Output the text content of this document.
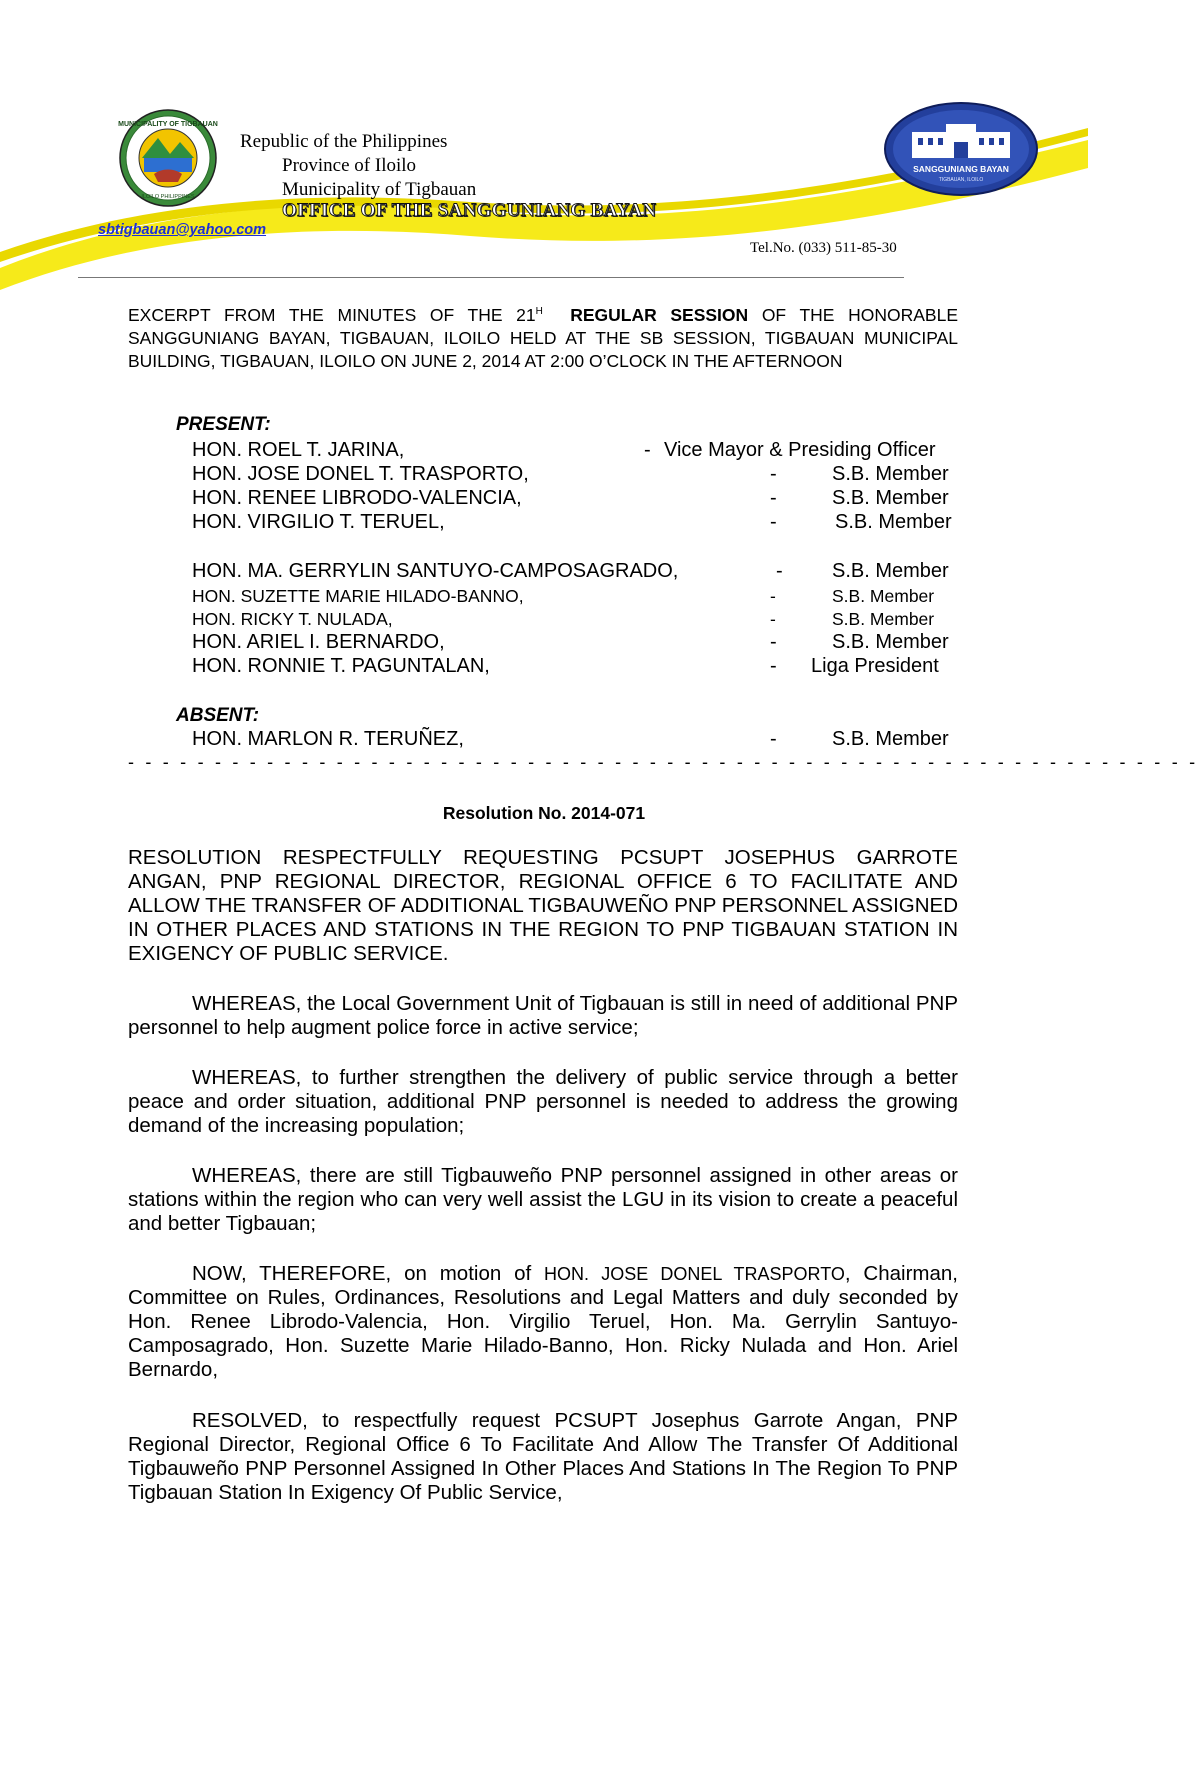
MUNICIPALITY OF TIGBAUAN
ILOILO PHILIPPINES
SANGGUNIANG BAYAN
TIGBAUAN, ILOILO
Republic of the Philippines
Province of Iloilo
Municipality of Tigbauan
OFFICE OF THE SANGGUNIANG BAYAN
sbtigbauan@yahoo.com
Tel.No. (033) 511-85-30
EXCERPT FROM THE MINUTES OF THE $21^H$ REGULAR SESSION OF THE HONORABLE SANGGUNIANG BAYAN, TIGBAUAN, ILOILO HELD AT THE SB SESSION, TIGBAUAN MUNICIPAL BUILDING, TIGBAUAN, ILOILO ON JUNE 2, 2014 AT 2:00 O’CLOCK IN THE AFTERNOON
PRESENT:
HON. ROEL T. JARINA,	- Vice Mayor & Presiding Officer
HON. JOSE DONEL T. TRASPORTO,	-	S.B. Member
HON. RENEE LIBRODO-VALENCIA,	-	S.B. Member
HON. VIRGILIO T. TERUEL,	-	S.B. Member
HON. MA. GERRYLIN SANTUYO-CAMPOSAGRADO,	- S.B. Member
HON. SUZETTE MARIE HILADO-BANNO,	-	S.B. Member
HON. RICKY T. NULADA,	-	S.B. Member
HON. ARIEL I. BERNARDO,	-	S.B. Member
HON. RONNIE T. PAGUNTALAN,	- Liga President
ABSENT:
HON. MARLON R. TERUÑEZ,	-	S.B. Member
- - - - - - - - - - - - - - - - - - - - - - - - - - - - - - - - - - - - - - - - - - - - - - - - - - - - - - - - - - - - - -
Resolution No. 2014-071
RESOLUTION RESPECTFULLY REQUESTING PCSUPT JOSEPHUS GARROTE ANGAN, PNP REGIONAL DIRECTOR, REGIONAL OFFICE 6 TO FACILITATE AND ALLOW THE TRANSFER OF ADDITIONAL TIGBAUWEÑO PNP PERSONNEL ASSIGNED IN OTHER PLACES AND STATIONS IN THE REGION TO PNP TIGBAUAN STATION IN EXIGENCY OF PUBLIC SERVICE.
WHEREAS, the Local Government Unit of Tigbauan is still in need of additional PNP personnel to help augment police force in active service;
WHEREAS, to further strengthen the delivery of public service through a better peace and order situation, additional PNP personnel is needed to address the growing demand of the increasing population;
WHEREAS, there are still Tigbauweño PNP personnel assigned in other areas or stations within the region who can very well assist the LGU in its vision to create a peaceful and better Tigbauan;
NOW, THEREFORE, on motion of HON. JOSE DONEL TRASPORTO, Chairman, Committee on Rules, Ordinances, Resolutions and Legal Matters and duly seconded by Hon. Renee Librodo-Valencia, Hon. Virgilio Teruel, Hon. Ma. Gerrylin Santuyo-Camposagrado, Hon. Suzette Marie Hilado-Banno, Hon. Ricky Nulada and Hon. Ariel Bernardo,
RESOLVED, to respectfully request PCSUPT Josephus Garrote Angan, PNP Regional Director, Regional Office 6 To Facilitate And Allow The Transfer Of Additional Tigbauweño PNP Personnel Assigned In Other Places And Stations In The Region To PNP Tigbauan Station In Exigency Of Public Service,
